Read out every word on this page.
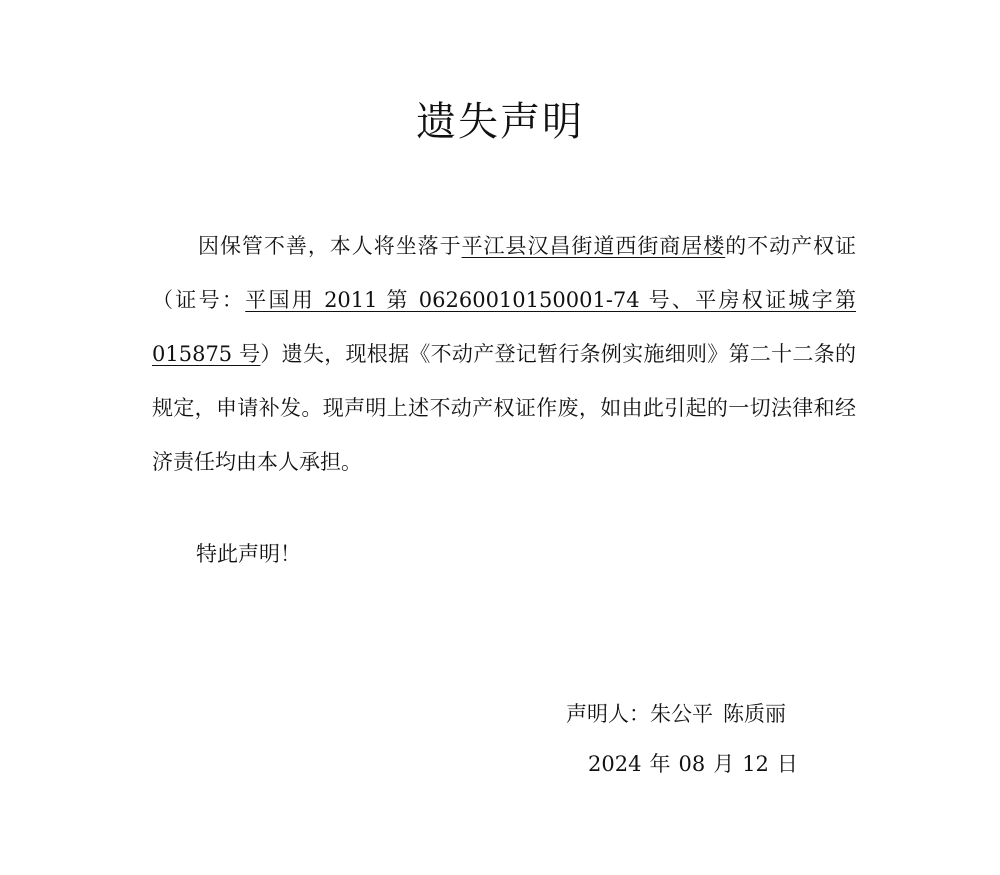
遗失声明
因保管不善，本人将坐落于平江县汉昌街道西街商居楼的不动产权证（证号：平国用 2011 第 06260010150001-74 号、平房权证城字第 015875 号）遗失，现根据《不动产登记暂行条例实施细则》第二十二条的规定，申请补发。现声明上述不动产权证作废，如由此引起的一切法律和经济责任均由本人承担。
特此声明！
声明人：朱公平 陈质丽
2024 年 08 月 12 日
